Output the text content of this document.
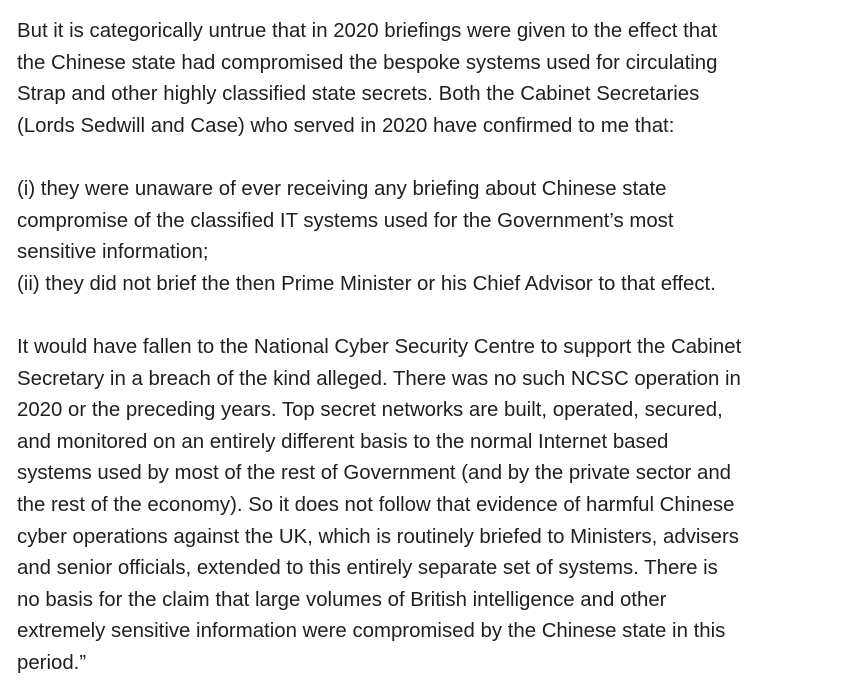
But it is categorically untrue that in 2020 briefings were given to the effect that
the Chinese state had compromised the bespoke systems used for circulating
Strap and other highly classified state secrets. Both the Cabinet Secretaries
(Lords Sedwill and Case) who served in 2020 have confirmed to me that:
(i) they were unaware of ever receiving any briefing about Chinese state
compromise of the classified IT systems used for the Government’s most
sensitive information;
(ii) they did not brief the then Prime Minister or his Chief Advisor to that effect.
It would have fallen to the National Cyber Security Centre to support the Cabinet
Secretary in a breach of the kind alleged. There was no such NCSC operation in
2020 or the preceding years. Top secret networks are built, operated, secured,
and monitored on an entirely different basis to the normal Internet based
systems used by most of the rest of Government (and by the private sector and
the rest of the economy). So it does not follow that evidence of harmful Chinese
cyber operations against the UK, which is routinely briefed to Ministers, advisers
and senior officials, extended to this entirely separate set of systems. There is
no basis for the claim that large volumes of British intelligence and other
extremely sensitive information were compromised by the Chinese state in this
period.”
